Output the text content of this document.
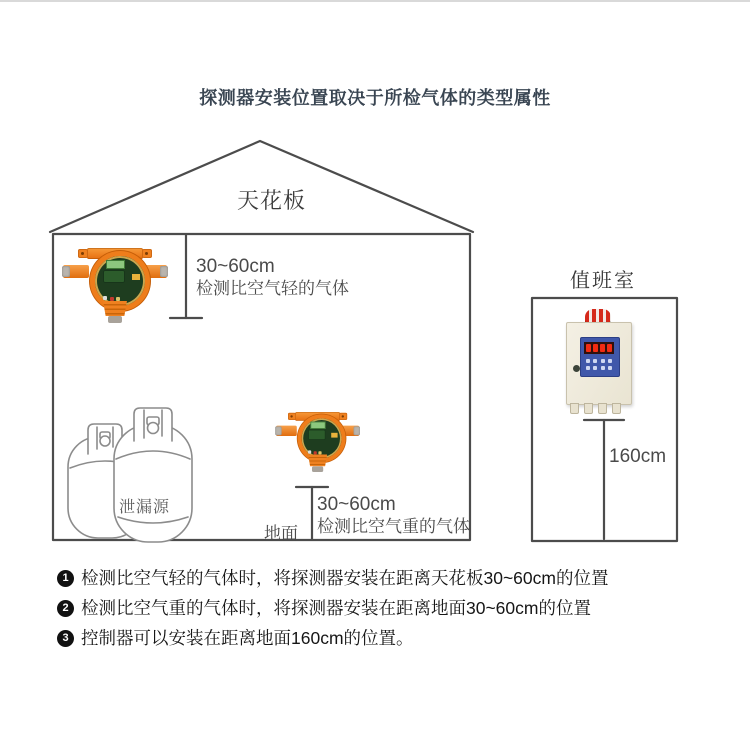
探测器安装位置取决于所检气体的类型属性
天花板
值班室
地面
泄漏源
160cm
30~60cm
检测比空气轻的气体
30~60cm
检测比空气重的气体
1 检测比空气轻的气体时，将探测器安装在距离天花板30~60cm的位置
2 检测比空气重的气体时，将探测器安装在距离地面30~60cm的位置
3 控制器可以安装在距离地面160cm的位置。
